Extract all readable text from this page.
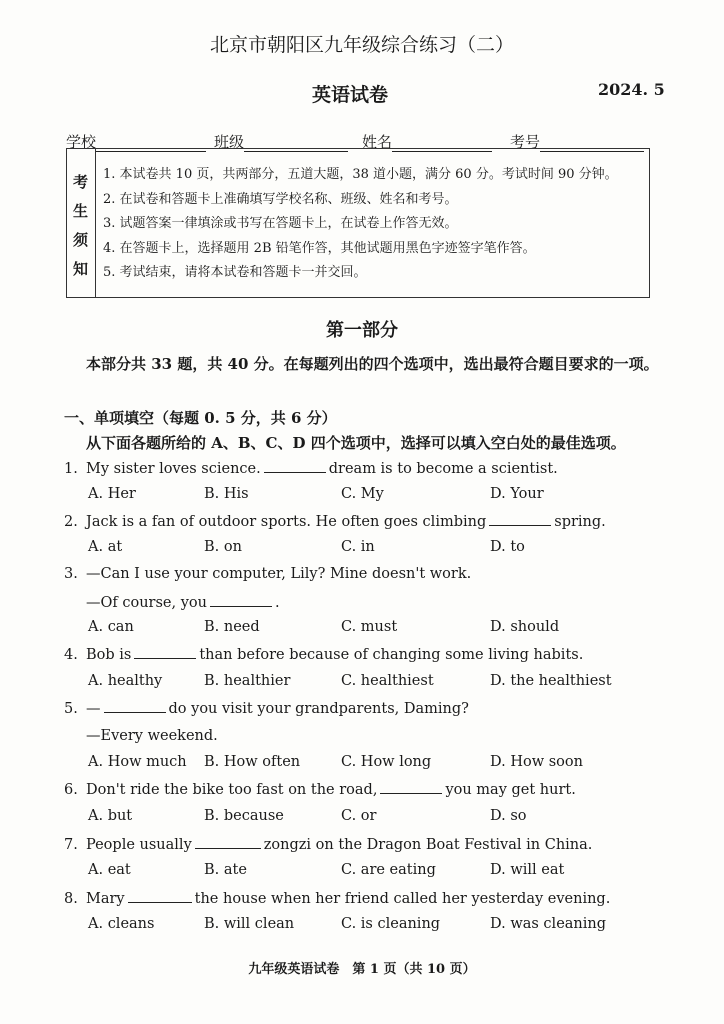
北京市朝阳区九年级综合练习（二）
英语试卷	2024. 5
学校	班级	姓名	考号
考
生
须
知
1. 本试卷共 10 页，共两部分，五道大题，38 道小题，满分 60 分。考试时间 90 分钟。
2. 在试卷和答题卡上准确填写学校名称、班级、姓名和考号。
3. 试题答案一律填涂或书写在答题卡上，在试卷上作答无效。
4. 在答题卡上，选择题用 2B 铅笔作答，其他试题用黑色字迹签字笔作答。
5. 考试结束，请将本试卷和答题卡一并交回。
第一部分
本部分共 33 题，共 40 分。在每题列出的四个选项中，选出最符合题目要求的一项。
一、单项填空（每题 0. 5 分，共 6 分）
从下面各题所给的 A、B、C、D 四个选项中，选择可以填入空白处的最佳选项。
1. My sister loves science.	dream is to become a scientist.
A. Her	B. His	C. My	D. Your
2. Jack is a fan of outdoor sports. He often goes climbing	spring.
A. at	B. on	C. in	D. to
3. —Can I use your computer, Lily? Mine doesn't work.
—Of course, you	.
A. can	B. need	C. must	D. should
4. Bob is	than before because of changing some living habits.
A. healthy	B. healthier	C. healthiest	D. the healthiest
5. —	do you visit your grandparents, Daming?
—Every weekend.
A. How much B. How often	C. How long	D. How soon
6. Don't ride the bike too fast on the road,	you may get hurt.
A. but	B. because	C. or	D. so
7. People usually	zongzi on the Dragon Boat Festival in China.
A. eat	B. ate	C. are eating	D. will eat
8. Mary	the house when her friend called her yesterday evening.
A. cleans	B. will clean	C. is cleaning	D. was cleaning
九年级英语试卷　第 1 页（共 10 页）
